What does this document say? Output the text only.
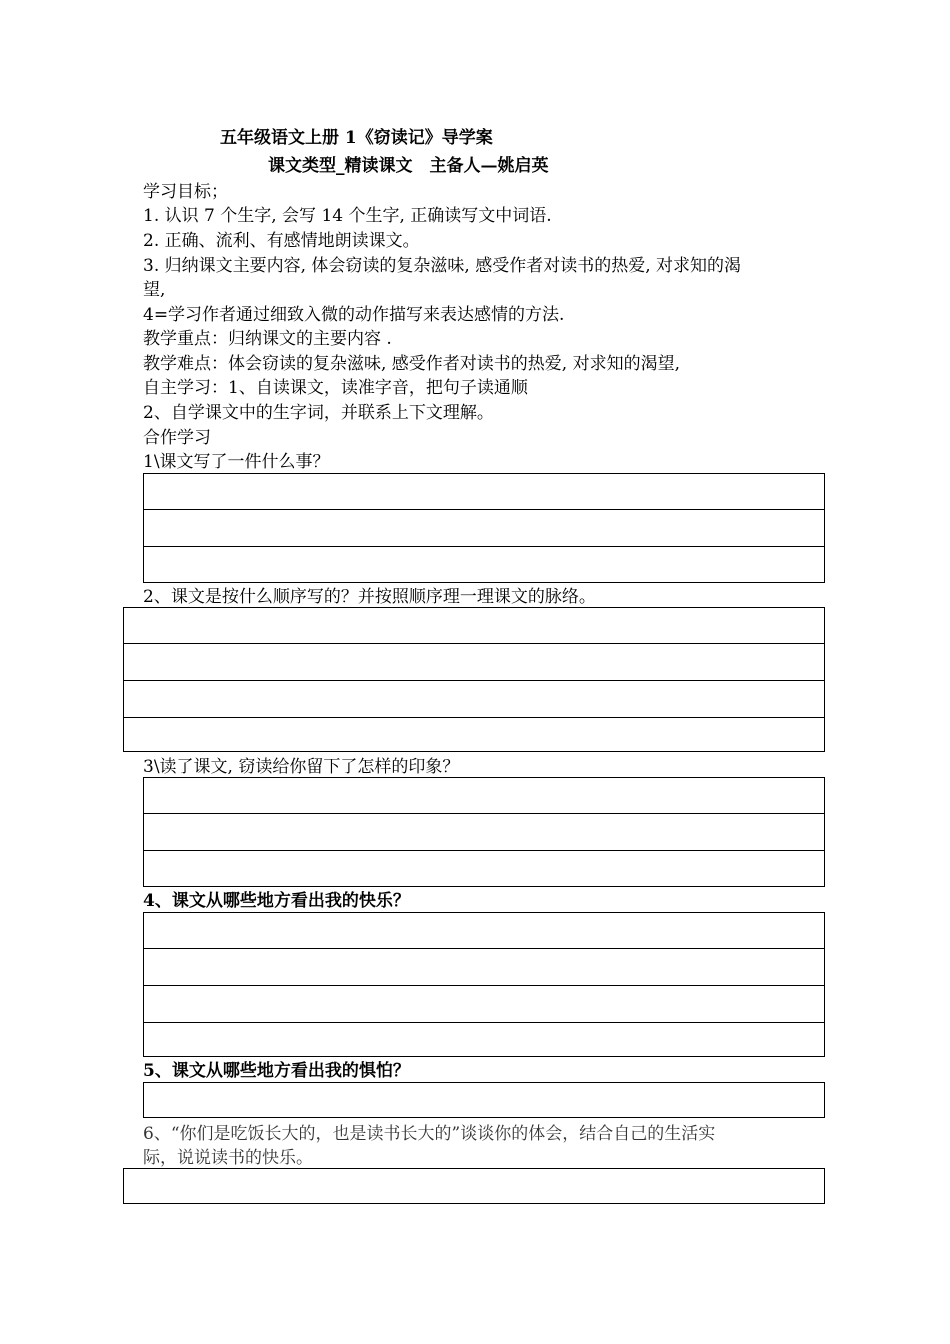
五年级语文上册 1《窃读记》导学案
课文类型_精读课文　主备人—姚启英
学习目标；
1. 认识 7 个生字, 会写 14 个生字, 正确读写文中词语.
2. 正确、流利、有感情地朗读课文。
3. 归纳课文主要内容, 体会窃读的复杂滋味, 感受作者对读书的热爱, 对求知的渴
望,
4=学习作者通过细致入微的动作描写来表达感情的方法.
教学重点：归纳课文的主要内容 .
教学难点：体会窃读的复杂滋味, 感受作者对读书的热爱, 对求知的渴望,
自主学习：1、自读课文，读准字音，把句子读通顺
2、自学课文中的生字词，并联系上下文理解。
合作学习
1\课文写了一件什么事？
2、课文是按什么顺序写的？并按照顺序理一理课文的脉络。
3\读了课文, 窃读给你留下了怎样的印象？
4、课文从哪些地方看出我的快乐？
5、课文从哪些地方看出我的惧怕？
6、“你们是吃饭长大的，也是读书长大的”谈谈你的体会，结合自己的生活实
际，说说读书的快乐。
